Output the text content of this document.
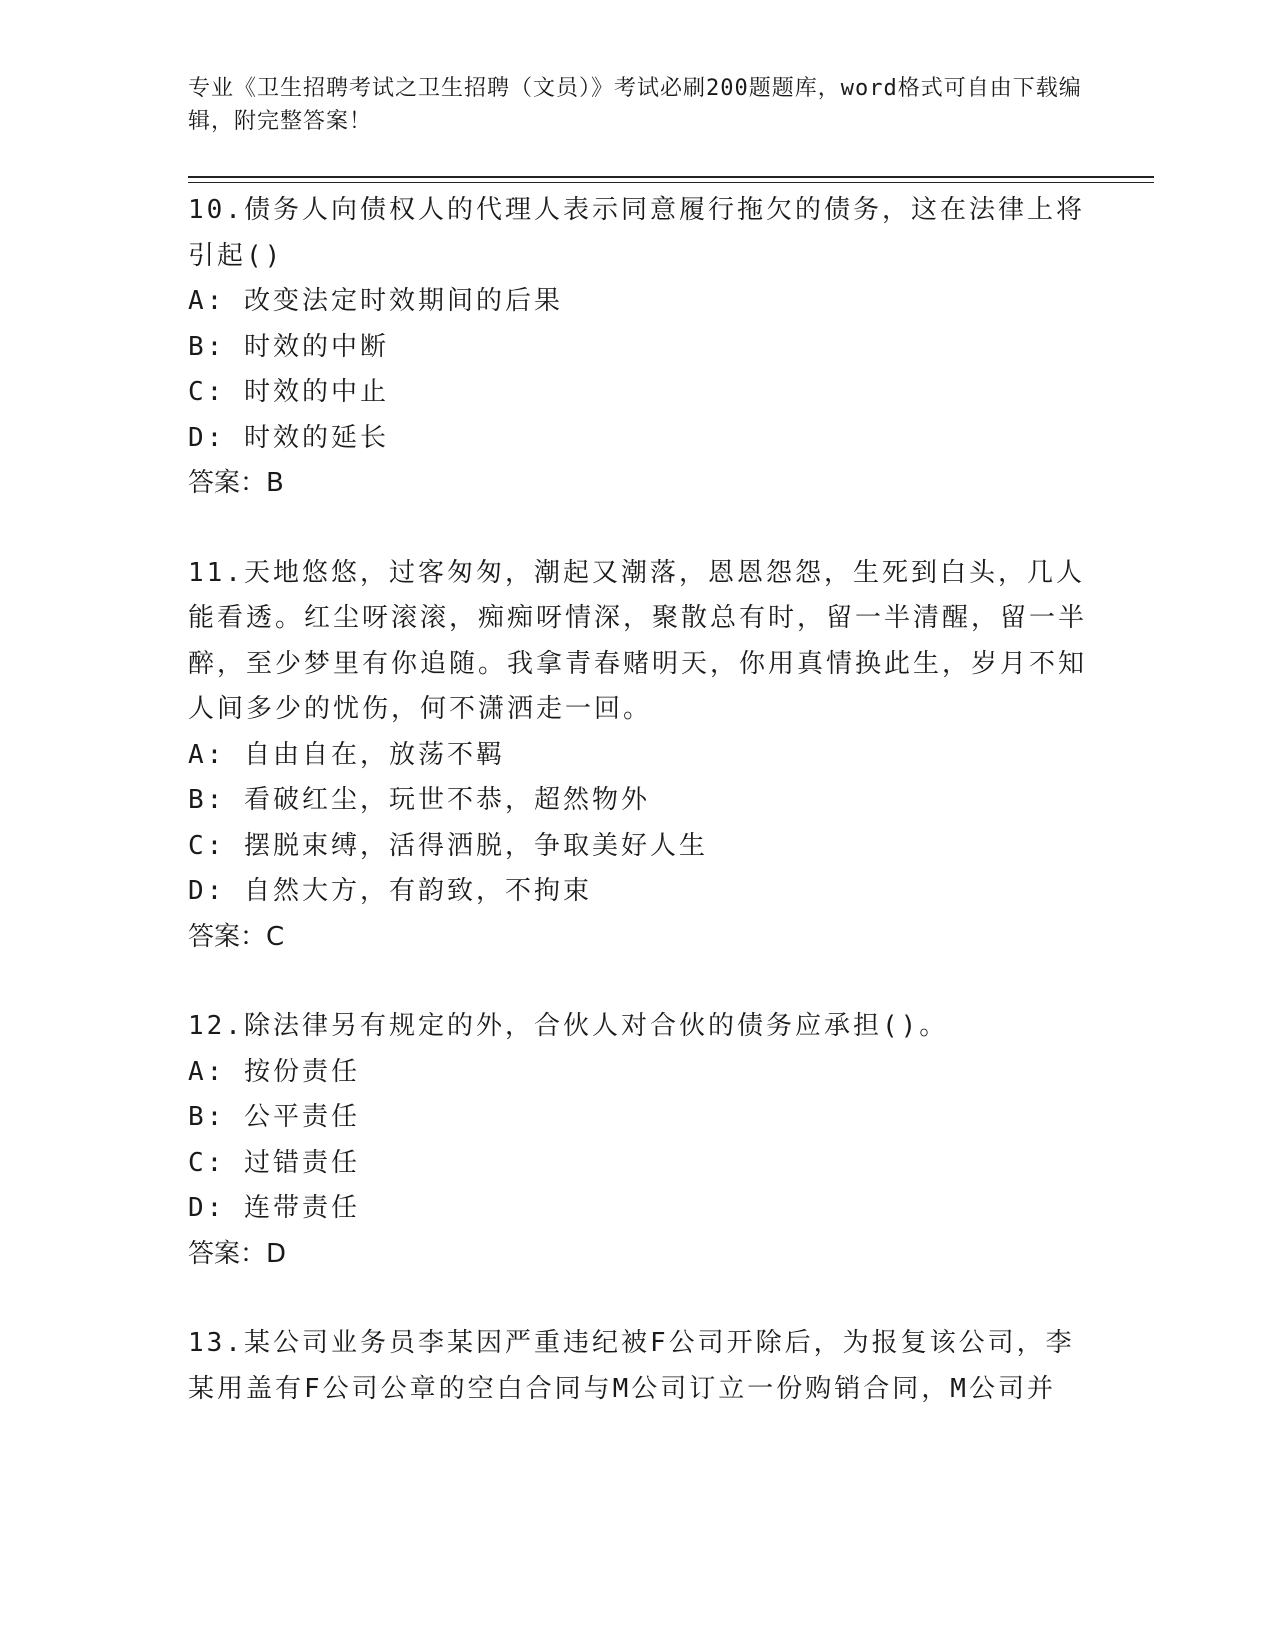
专业《卫生招聘考试之卫生招聘（文员）》考试必刷200题题库，word格式可自由下载编辑，附完整答案！

10.债务人向债权人的代理人表示同意履行拖欠的债务，这在法律上将引起()

A: 改变法定时效期间的后果

B: 时效的中断

C: 时效的中止

D: 时效的延长

答案：B

11.天地悠悠，过客匆匆，潮起又潮落，恩恩怨怨，生死到白头，几人能看透。红尘呀滚滚，痴痴呀情深，聚散总有时，留一半清醒，留一半醉，至少梦里有你追随。我拿青春赌明天，你用真情换此生，岁月不知人间多少的忧伤，何不潇洒走一回。

A: 自由自在，放荡不羁

B: 看破红尘，玩世不恭，超然物外

C: 摆脱束缚，活得洒脱，争取美好人生

D: 自然大方，有韵致，不拘束

答案：C

12.除法律另有规定的外，合伙人对合伙的债务应承担()。

A: 按份责任

B: 公平责任

C: 过错责任

D: 连带责任

答案：D

13.某公司业务员李某因严重违纪被F公司开除后，为报复该公司，李某用盖有F公司公章的空白合同与M公司订立一份购销合同，M公司并
